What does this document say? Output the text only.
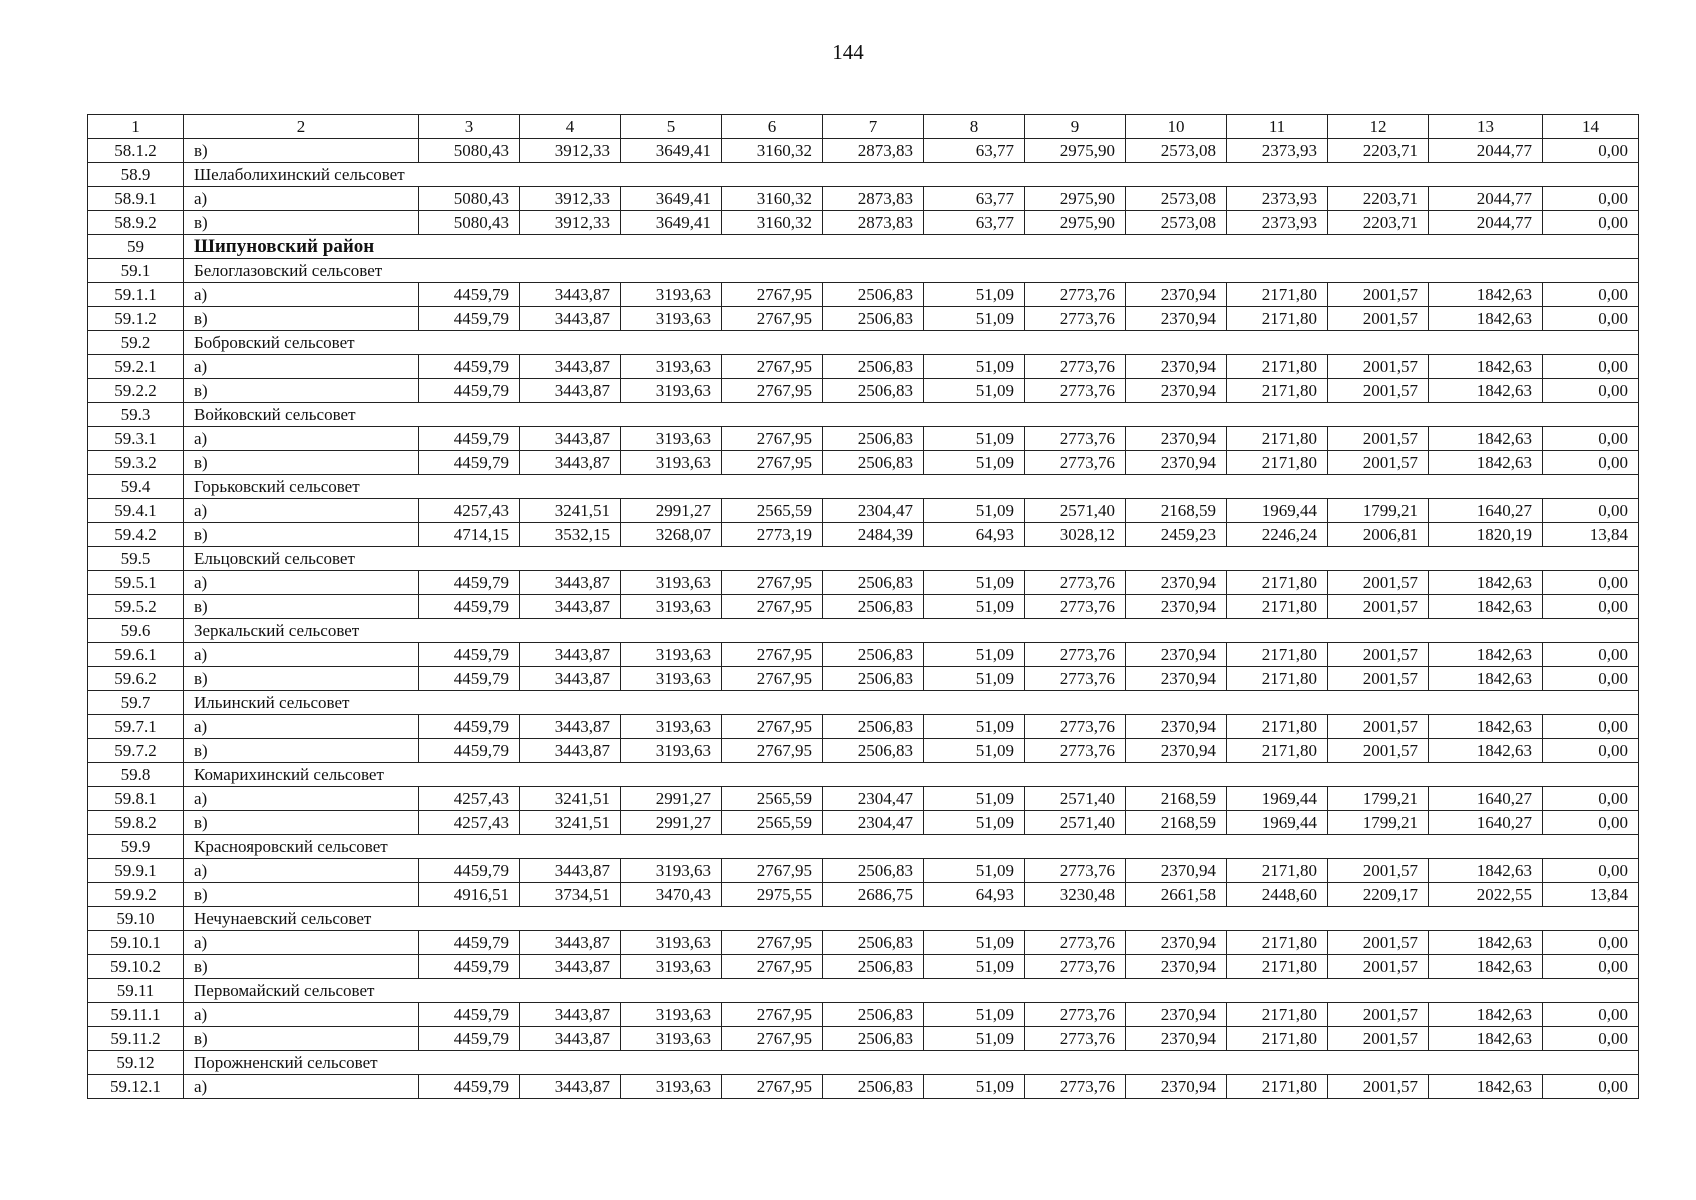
144
1	2	3	4	5	6	7	8	9	10	11	12	13	14
58.1.2	в)	5080,43	3912,33	3649,41	3160,32	2873,83	63,77	2975,90	2573,08	2373,93	2203,71	2044,77	0,00
58.9	Шелаболихинский сельсовет												
58.9.1	а)	5080,43	3912,33	3649,41	3160,32	2873,83	63,77	2975,90	2573,08	2373,93	2203,71	2044,77	0,00
58.9.2	в)	5080,43	3912,33	3649,41	3160,32	2873,83	63,77	2975,90	2573,08	2373,93	2203,71	2044,77	0,00
59	Шипуновский район												
59.1	Белоглазовский сельсовет												
59.1.1	а)	4459,79	3443,87	3193,63	2767,95	2506,83	51,09	2773,76	2370,94	2171,80	2001,57	1842,63	0,00
59.1.2	в)	4459,79	3443,87	3193,63	2767,95	2506,83	51,09	2773,76	2370,94	2171,80	2001,57	1842,63	0,00
59.2	Бобровский сельсовет												
59.2.1	а)	4459,79	3443,87	3193,63	2767,95	2506,83	51,09	2773,76	2370,94	2171,80	2001,57	1842,63	0,00
59.2.2	в)	4459,79	3443,87	3193,63	2767,95	2506,83	51,09	2773,76	2370,94	2171,80	2001,57	1842,63	0,00
59.3	Войковский сельсовет												
59.3.1	а)	4459,79	3443,87	3193,63	2767,95	2506,83	51,09	2773,76	2370,94	2171,80	2001,57	1842,63	0,00
59.3.2	в)	4459,79	3443,87	3193,63	2767,95	2506,83	51,09	2773,76	2370,94	2171,80	2001,57	1842,63	0,00
59.4	Горьковский сельсовет												
59.4.1	а)	4257,43	3241,51	2991,27	2565,59	2304,47	51,09	2571,40	2168,59	1969,44	1799,21	1640,27	0,00
59.4.2	в)	4714,15	3532,15	3268,07	2773,19	2484,39	64,93	3028,12	2459,23	2246,24	2006,81	1820,19	13,84
59.5	Ельцовский сельсовет												
59.5.1	а)	4459,79	3443,87	3193,63	2767,95	2506,83	51,09	2773,76	2370,94	2171,80	2001,57	1842,63	0,00
59.5.2	в)	4459,79	3443,87	3193,63	2767,95	2506,83	51,09	2773,76	2370,94	2171,80	2001,57	1842,63	0,00
59.6	Зеркальский сельсовет												
59.6.1	а)	4459,79	3443,87	3193,63	2767,95	2506,83	51,09	2773,76	2370,94	2171,80	2001,57	1842,63	0,00
59.6.2	в)	4459,79	3443,87	3193,63	2767,95	2506,83	51,09	2773,76	2370,94	2171,80	2001,57	1842,63	0,00
59.7	Ильинский сельсовет												
59.7.1	а)	4459,79	3443,87	3193,63	2767,95	2506,83	51,09	2773,76	2370,94	2171,80	2001,57	1842,63	0,00
59.7.2	в)	4459,79	3443,87	3193,63	2767,95	2506,83	51,09	2773,76	2370,94	2171,80	2001,57	1842,63	0,00
59.8	Комарихинский сельсовет												
59.8.1	а)	4257,43	3241,51	2991,27	2565,59	2304,47	51,09	2571,40	2168,59	1969,44	1799,21	1640,27	0,00
59.8.2	в)	4257,43	3241,51	2991,27	2565,59	2304,47	51,09	2571,40	2168,59	1969,44	1799,21	1640,27	0,00
59.9	Краснояровский сельсовет												
59.9.1	а)	4459,79	3443,87	3193,63	2767,95	2506,83	51,09	2773,76	2370,94	2171,80	2001,57	1842,63	0,00
59.9.2	в)	4916,51	3734,51	3470,43	2975,55	2686,75	64,93	3230,48	2661,58	2448,60	2209,17	2022,55	13,84
59.10	Нечунаевский сельсовет												
59.10.1	а)	4459,79	3443,87	3193,63	2767,95	2506,83	51,09	2773,76	2370,94	2171,80	2001,57	1842,63	0,00
59.10.2	в)	4459,79	3443,87	3193,63	2767,95	2506,83	51,09	2773,76	2370,94	2171,80	2001,57	1842,63	0,00
59.11	Первомайский сельсовет												
59.11.1	а)	4459,79	3443,87	3193,63	2767,95	2506,83	51,09	2773,76	2370,94	2171,80	2001,57	1842,63	0,00
59.11.2	в)	4459,79	3443,87	3193,63	2767,95	2506,83	51,09	2773,76	2370,94	2171,80	2001,57	1842,63	0,00
59.12	Порожненский сельсовет												
59.12.1	а)	4459,79	3443,87	3193,63	2767,95	2506,83	51,09	2773,76	2370,94	2171,80	2001,57	1842,63	0,00
